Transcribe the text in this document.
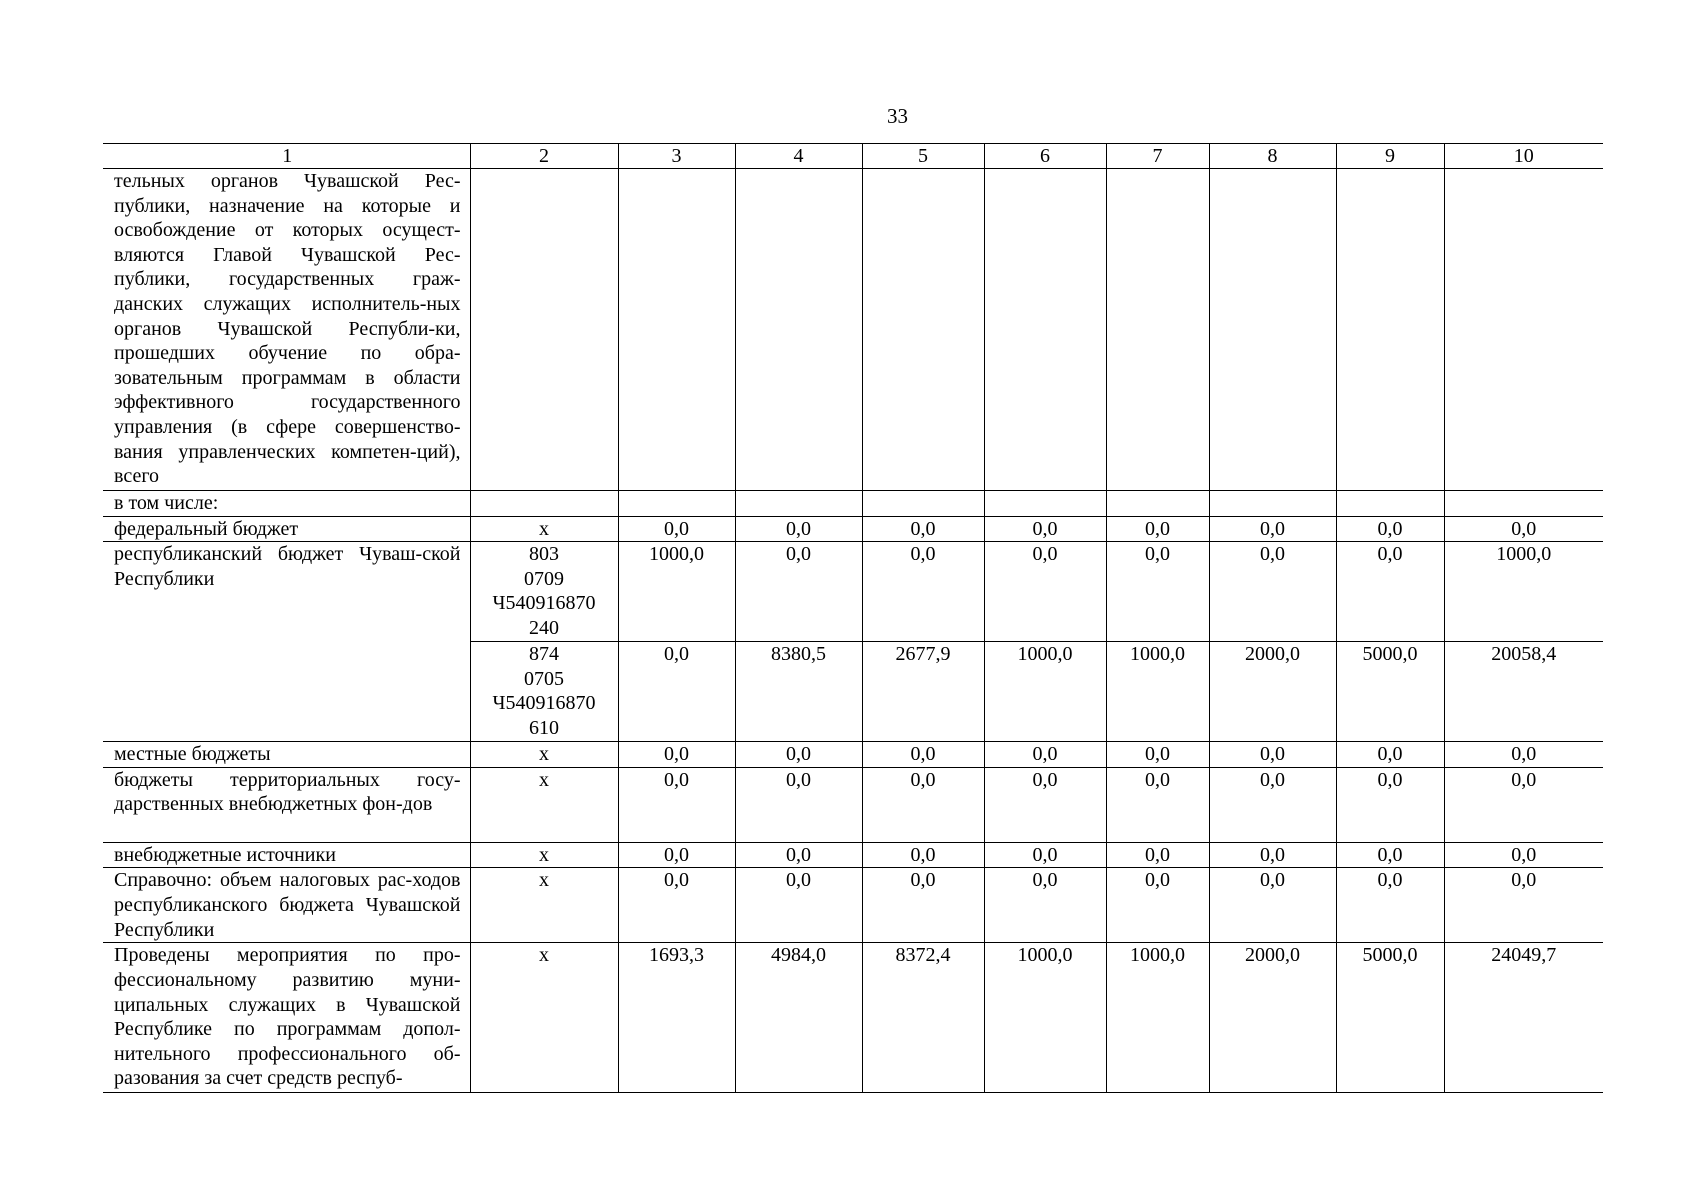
33
1	2	3	4	5	6	7	8	9	10
тельных органов Чувашской Рес-публики, назначение на которые и освобождение от которых осущест-вляются Главой Чувашской Рес-публики, государственных граж-данских служащих исполнитель-ных органов Чувашской Республи-ки, прошедших обучение по обра-зовательным программам в области эффективного государственного управления (в сфере совершенство-вания управленческих компетен-ций), всего									
в том числе:									
федеральный бюджет	х	0,0	0,0	0,0	0,0	0,0	0,0	0,0	0,0
республиканский бюджет Чуваш-ской Республики	803
0709
Ч540916870
240	1000,0	0,0	0,0	0,0	0,0	0,0	0,0	1000,0
	874
0705
Ч540916870
610	0,0	8380,5	2677,9	1000,0	1000,0	2000,0	5000,0	20058,4
местные бюджеты	х	0,0	0,0	0,0	0,0	0,0	0,0	0,0	0,0
бюджеты территориальных госу-дарственных внебюджетных фон-дов	х	0,0	0,0	0,0	0,0	0,0	0,0	0,0	0,0
внебюджетные источники	х	0,0	0,0	0,0	0,0	0,0	0,0	0,0	0,0
Справочно: объем налоговых рас-ходов республиканского бюджета Чувашской Республики	х	0,0	0,0	0,0	0,0	0,0	0,0	0,0	0,0
Проведены мероприятия по про-фессиональному развитию муни-ципальных служащих в Чувашской Республике по программам допол-нительного профессионального об-разования за счет средств респуб-	х	1693,3	4984,0	8372,4	1000,0	1000,0	2000,0	5000,0	24049,7
